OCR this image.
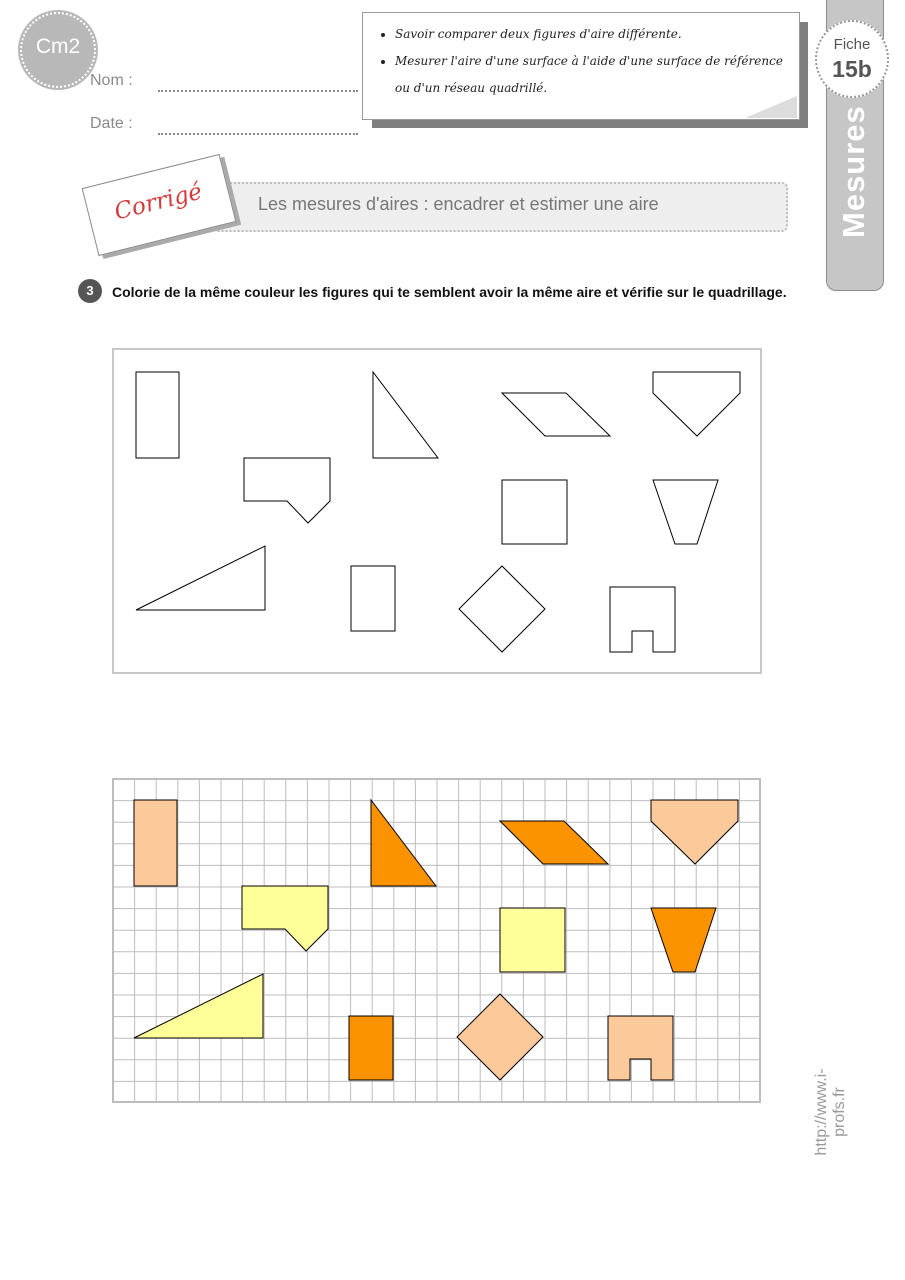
Cm2
Nom :
Date :
• Savoir comparer deux figures d'aire différente.
• Mesurer l'aire d'une surface à l'aide d'une surface de référence ou d'un réseau quadrillé.
Fiche
15b
Mesures
Les mesures d'aires : encadrer et estimer une aire
Corrigé
3	Colorie de la même couleur les figures qui te semblent avoir la même aire et vérifie sur le quadrillage.
http://www.i-profs.fr
